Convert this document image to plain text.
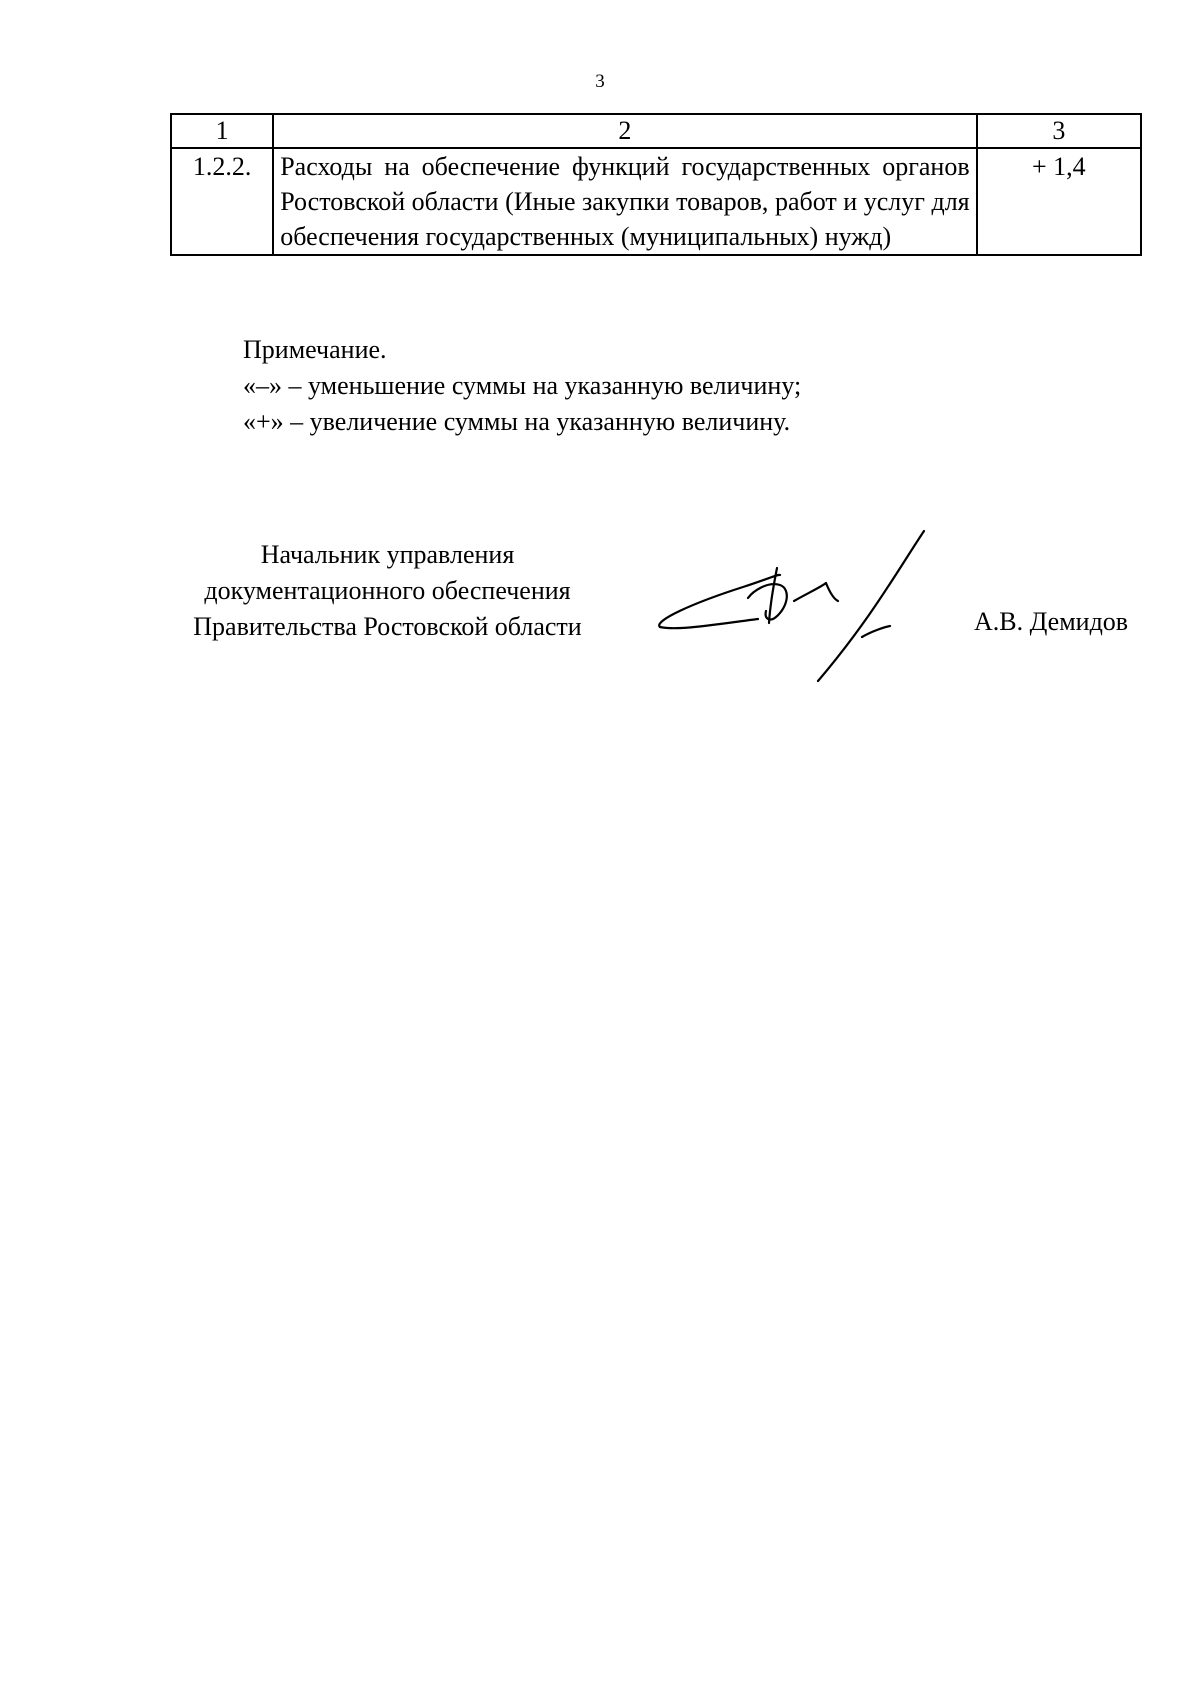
3
1	2	3
1.2.2.	Расходы на обеспечение функций государственных органов Ростовской области (Иные закупки товаров, работ и услуг для обеспечения государственных (муниципальных) нужд)	+ 1,4
Примечание.
«–» – уменьшение суммы на указанную величину;
«+» – увеличение суммы на указанную величину.
Начальник управления
документационного обеспечения
Правительства Ростовской области	А.В. Демидов
